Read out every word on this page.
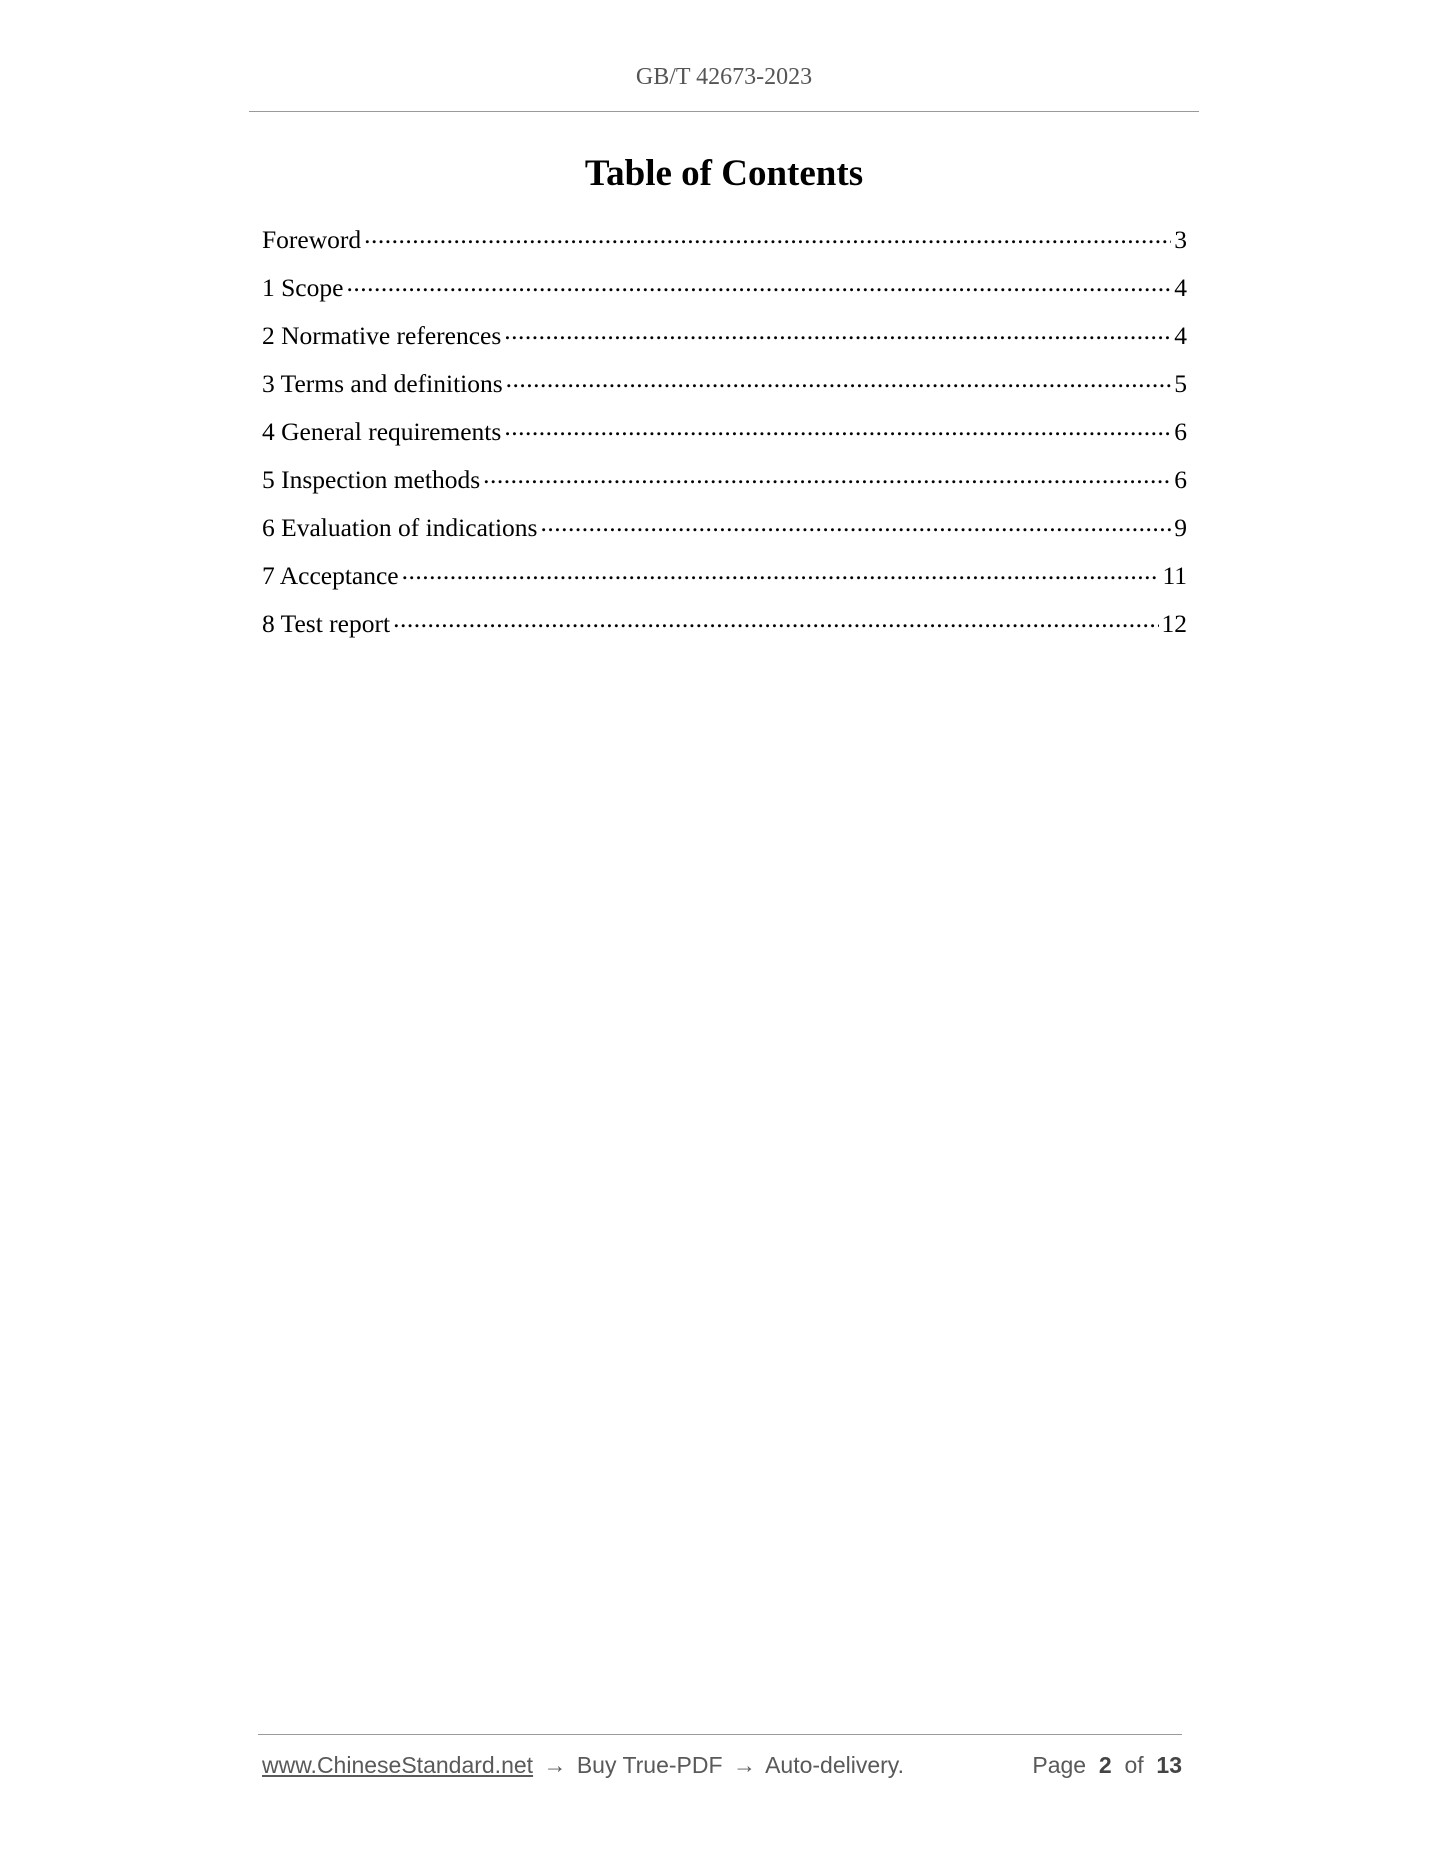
GB/T 42673-2023
Table of Contents
Foreword .....	3
1 Scope .....	4
2 Normative references .....	4
3 Terms and definitions .....	5
4 General requirements .....	6
5 Inspection methods .....	6
6 Evaluation of indications .....	9
7 Acceptance .....	11
8 Test report .....	12
www.ChineseStandard.net → Buy True-PDF → Auto-delivery.	Page 2 of 13
